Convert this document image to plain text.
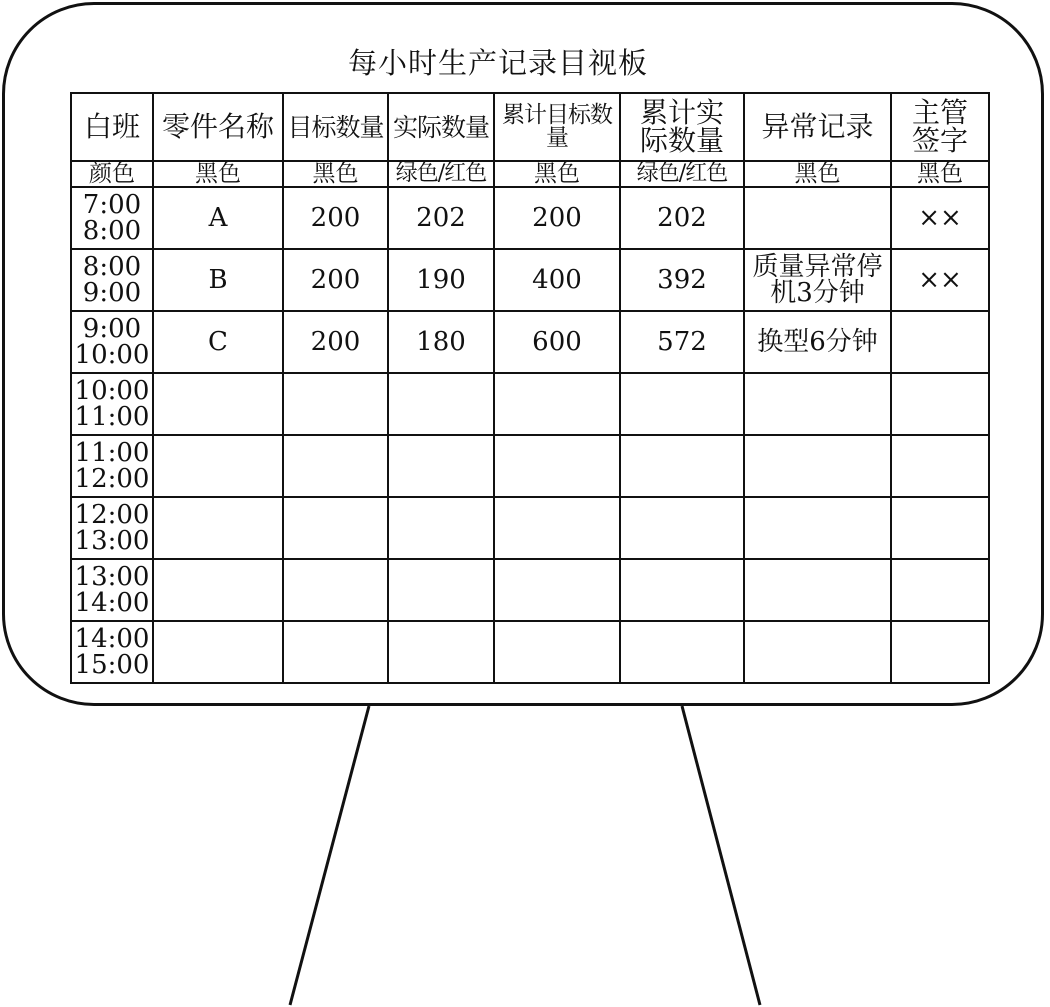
每小时生产记录目视板
白班	零件名称	目标数量	实际数量	累计目标数量	累计实
际数量	异常记录	主管
签字

颜色	黑色	黑色	绿色/红色	黑色	绿色/红色	黑色	黑色

7:00
8:00	A	200	202	200	202		××

8:00
9:00	B	200	190	400	392	质量异常停
机3分钟	××

9:00
10:00	C	200	180	600	572	换型6分钟	

10:00
11:00							

11:00
12:00							

12:00
13:00							

13:00
14:00							

14:00
15:00							
